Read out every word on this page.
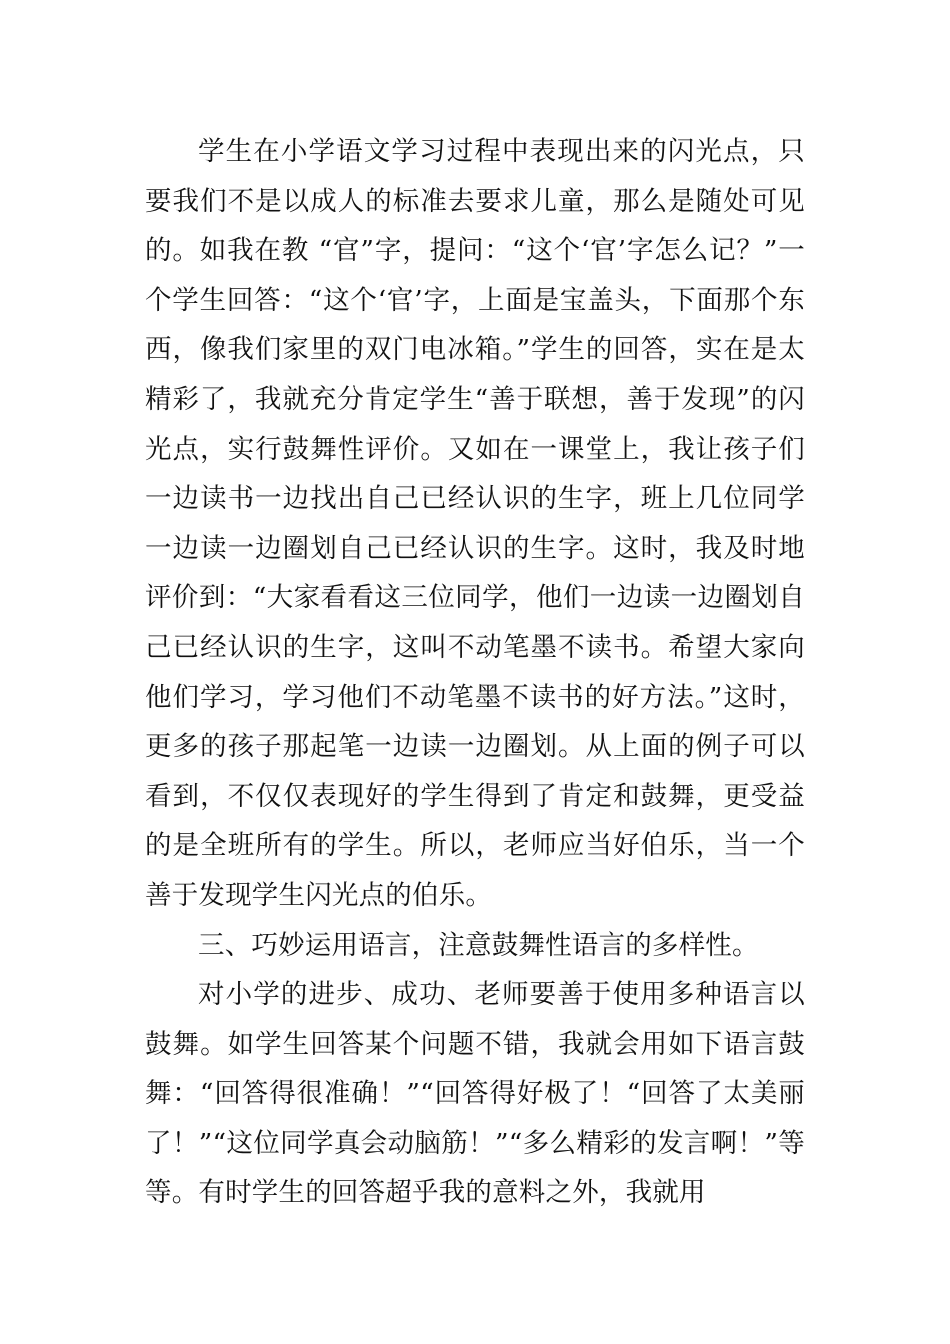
学生在小学语文学习过程中表现出来的闪光点，只要我们不是以成人的标准去要求儿童，那么是随处可见的。如我在教 “官”字，提问：“这个‘官’字怎么记？”一个学生回答：“这个‘官’字，上面是宝盖头，下面那个东西，像我们家里的双门电冰箱。”学生的回答，实在是太精彩了，我就充分肯定学生“善于联想，善于发现”的闪光点，实行鼓舞性评价。又如在一课堂上，我让孩子们一边读书一边找出自己已经认识的生字，班上几位同学一边读一边圈划自己已经认识的生字。这时，我及时地评价到：“大家看看这三位同学，他们一边读一边圈划自己已经认识的生字，这叫不动笔墨不读书。希望大家向他们学习，学习他们不动笔墨不读书的好方法。”这时，更多的孩子那起笔一边读一边圈划。从上面的例子可以看到，不仅仅表现好的学生得到了肯定和鼓舞，更受益的是全班所有的学生。所以，老师应当好伯乐，当一个善于发现学生闪光点的伯乐。

三、巧妙运用语言，注意鼓舞性语言的多样性。

对小学的进步、成功、老师要善于使用多种语言以鼓舞。如学生回答某个问题不错，我就会用如下语言鼓舞：“回答得很准确！”“回答得好极了！“回答了太美丽了！”“这位同学真会动脑筋！”“多么精彩的发言啊！”等等。有时学生的回答超乎我的意料之外，我就用
